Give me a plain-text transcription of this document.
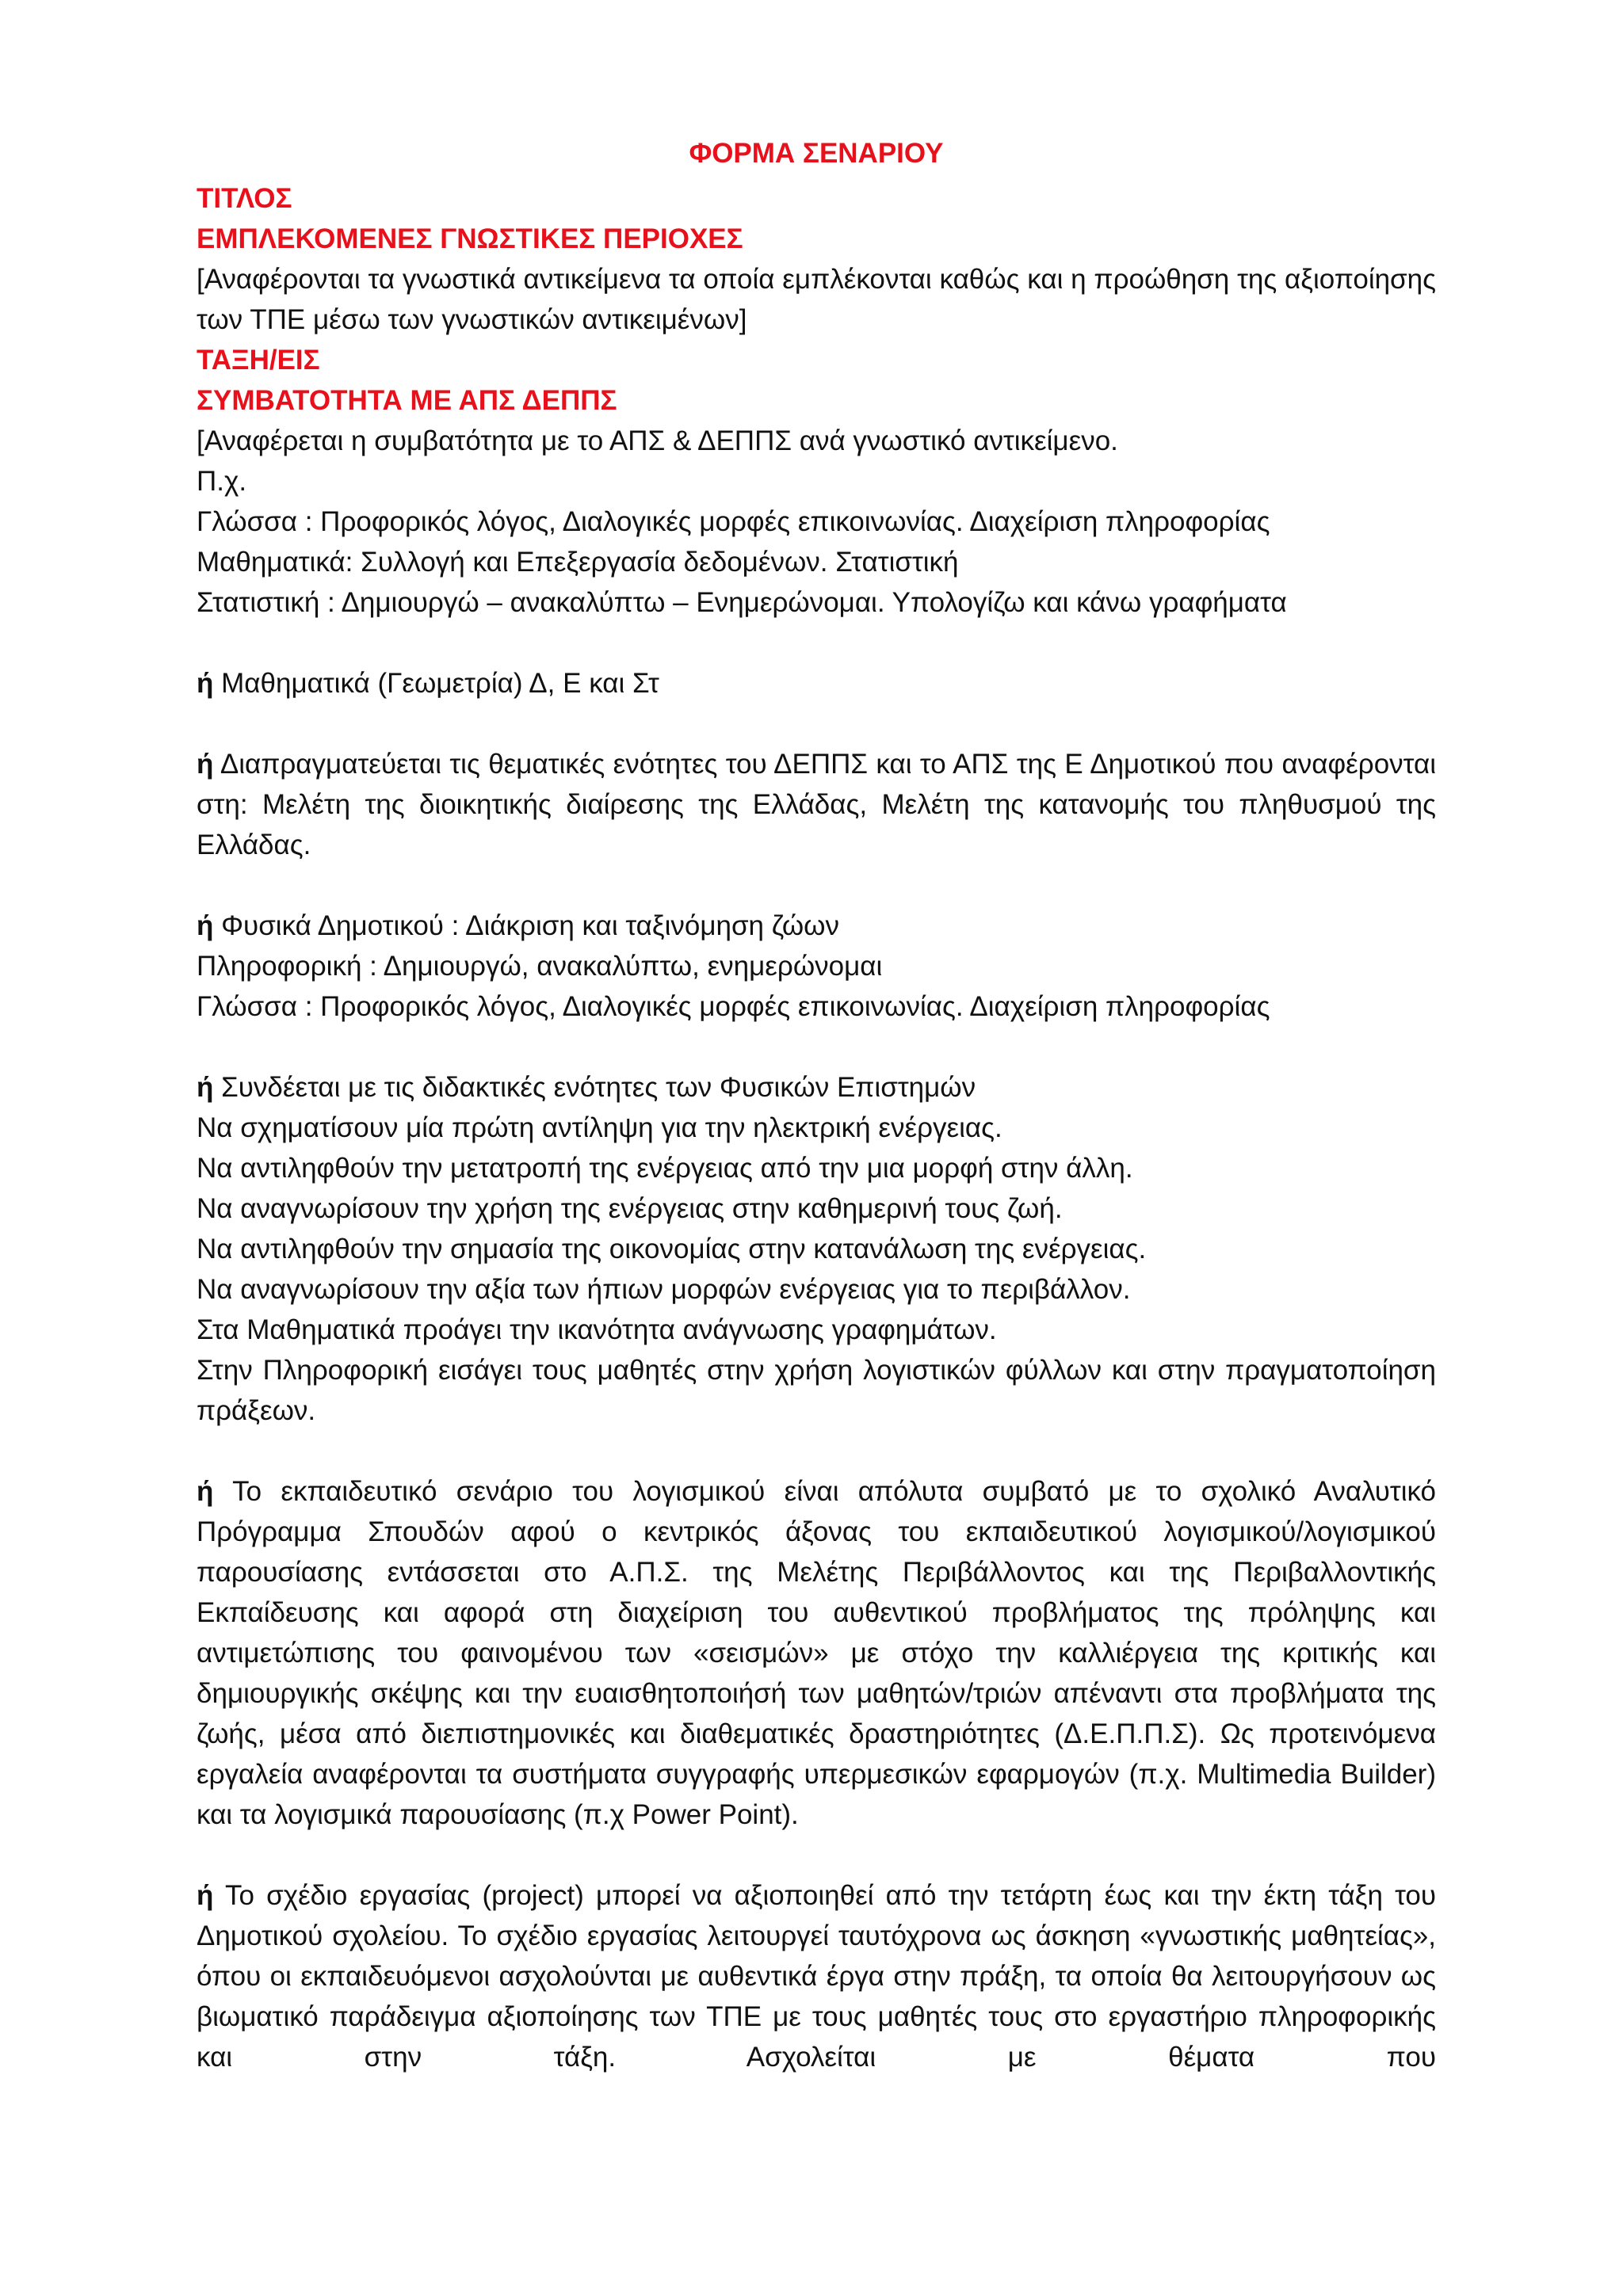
ΦΟΡΜΑ ΣΕΝΑΡΙΟΥ
ΤΙΤΛΟΣ
ΕΜΠΛΕΚΟΜΕΝΕΣ ΓΝΩΣΤΙΚΕΣ ΠΕΡΙΟΧΕΣ
[Αναφέρονται τα γνωστικά αντικείμενα τα οποία εμπλέκονται καθώς και η προώθηση της αξιοποίησης των ΤΠΕ μέσω των γνωστικών αντικειμένων]
ΤΑΞΗ/ΕΙΣ
ΣΥΜΒΑΤΟΤΗΤΑ ΜΕ ΑΠΣ ΔΕΠΠΣ
[Αναφέρεται η συμβατότητα με το ΑΠΣ & ΔΕΠΠΣ ανά γνωστικό αντικείμενο.
Π.χ.
Γλώσσα : Προφορικός λόγος, Διαλογικές μορφές επικοινωνίας. Διαχείριση πληροφορίας
Μαθηματικά: Συλλογή και Επεξεργασία δεδομένων. Στατιστική
Στατιστική : Δημιουργώ – ανακαλύπτω – Ενημερώνομαι. Υπολογίζω και κάνω γραφήματα
ή Μαθηματικά (Γεωμετρία) Δ, Ε και Στ
ή Διαπραγματεύεται τις θεματικές ενότητες του ΔΕΠΠΣ και το ΑΠΣ της Ε Δημοτικού που αναφέρονται στη: Μελέτη της διοικητικής διαίρεσης της Ελλάδας, Μελέτη της κατανομής του πληθυσμού της Ελλάδας.
ή Φυσικά Δημοτικού : Διάκριση και ταξινόμηση ζώων
Πληροφορική : Δημιουργώ, ανακαλύπτω, ενημερώνομαι
Γλώσσα : Προφορικός λόγος, Διαλογικές μορφές επικοινωνίας. Διαχείριση πληροφορίας
ή Συνδέεται με τις διδακτικές ενότητες των Φυσικών Επιστημών
Να σχηματίσουν μία πρώτη αντίληψη για την ηλεκτρική ενέργειας.
Να αντιληφθούν την μετατροπή της ενέργειας από την μια μορφή στην άλλη.
Να αναγνωρίσουν την χρήση της ενέργειας στην καθημερινή τους ζωή.
Να αντιληφθούν την σημασία της οικονομίας στην κατανάλωση της ενέργειας.
Να αναγνωρίσουν την αξία των ήπιων μορφών ενέργειας για το περιβάλλον.
Στα Μαθηματικά προάγει την ικανότητα ανάγνωσης γραφημάτων.
Στην Πληροφορική εισάγει τους μαθητές στην χρήση λογιστικών φύλλων και στην πραγματοποίηση πράξεων.
ή Το εκπαιδευτικό σενάριο του λογισμικού είναι απόλυτα συμβατό με το σχολικό Αναλυτικό Πρόγραμμα Σπουδών αφού ο κεντρικός άξονας του εκπαιδευτικού λογισμικού/λογισμικού παρουσίασης εντάσσεται στο Α.Π.Σ. της Μελέτης Περιβάλλοντος και της Περιβαλλοντικής Εκπαίδευσης και αφορά στη διαχείριση του αυθεντικού προβλήματος της πρόληψης και αντιμετώπισης του φαινομένου των «σεισμών» με στόχο την καλλιέργεια της κριτικής και δημιουργικής σκέψης και την ευαισθητοποιήσή των μαθητών/τριών απέναντι στα προβλήματα της ζωής, μέσα από διεπιστημονικές και διαθεματικές δραστηριότητες (Δ.Ε.Π.Π.Σ). Ως προτεινόμενα εργαλεία αναφέρονται τα συστήματα συγγραφής υπερμεσικών εφαρμογών (π.χ. Multimedia Builder) και τα λογισμικά παρουσίασης (π.χ Power Point).
ή Το σχέδιο εργασίας (project) μπορεί να αξιοποιηθεί από την τετάρτη έως και την έκτη τάξη του Δημοτικού σχολείου. Το σχέδιο εργασίας λειτουργεί ταυτόχρονα ως άσκηση «γνωστικής μαθητείας», όπου οι εκπαιδευόμενοι ασχολούνται με αυθεντικά έργα στην πράξη, τα οποία θα λειτουργήσουν ως βιωματικό παράδειγμα αξιοποίησης των ΤΠΕ με τους μαθητές τους στο εργαστήριο πληροφορικής και στην τάξη. Ασχολείται με θέματα που
